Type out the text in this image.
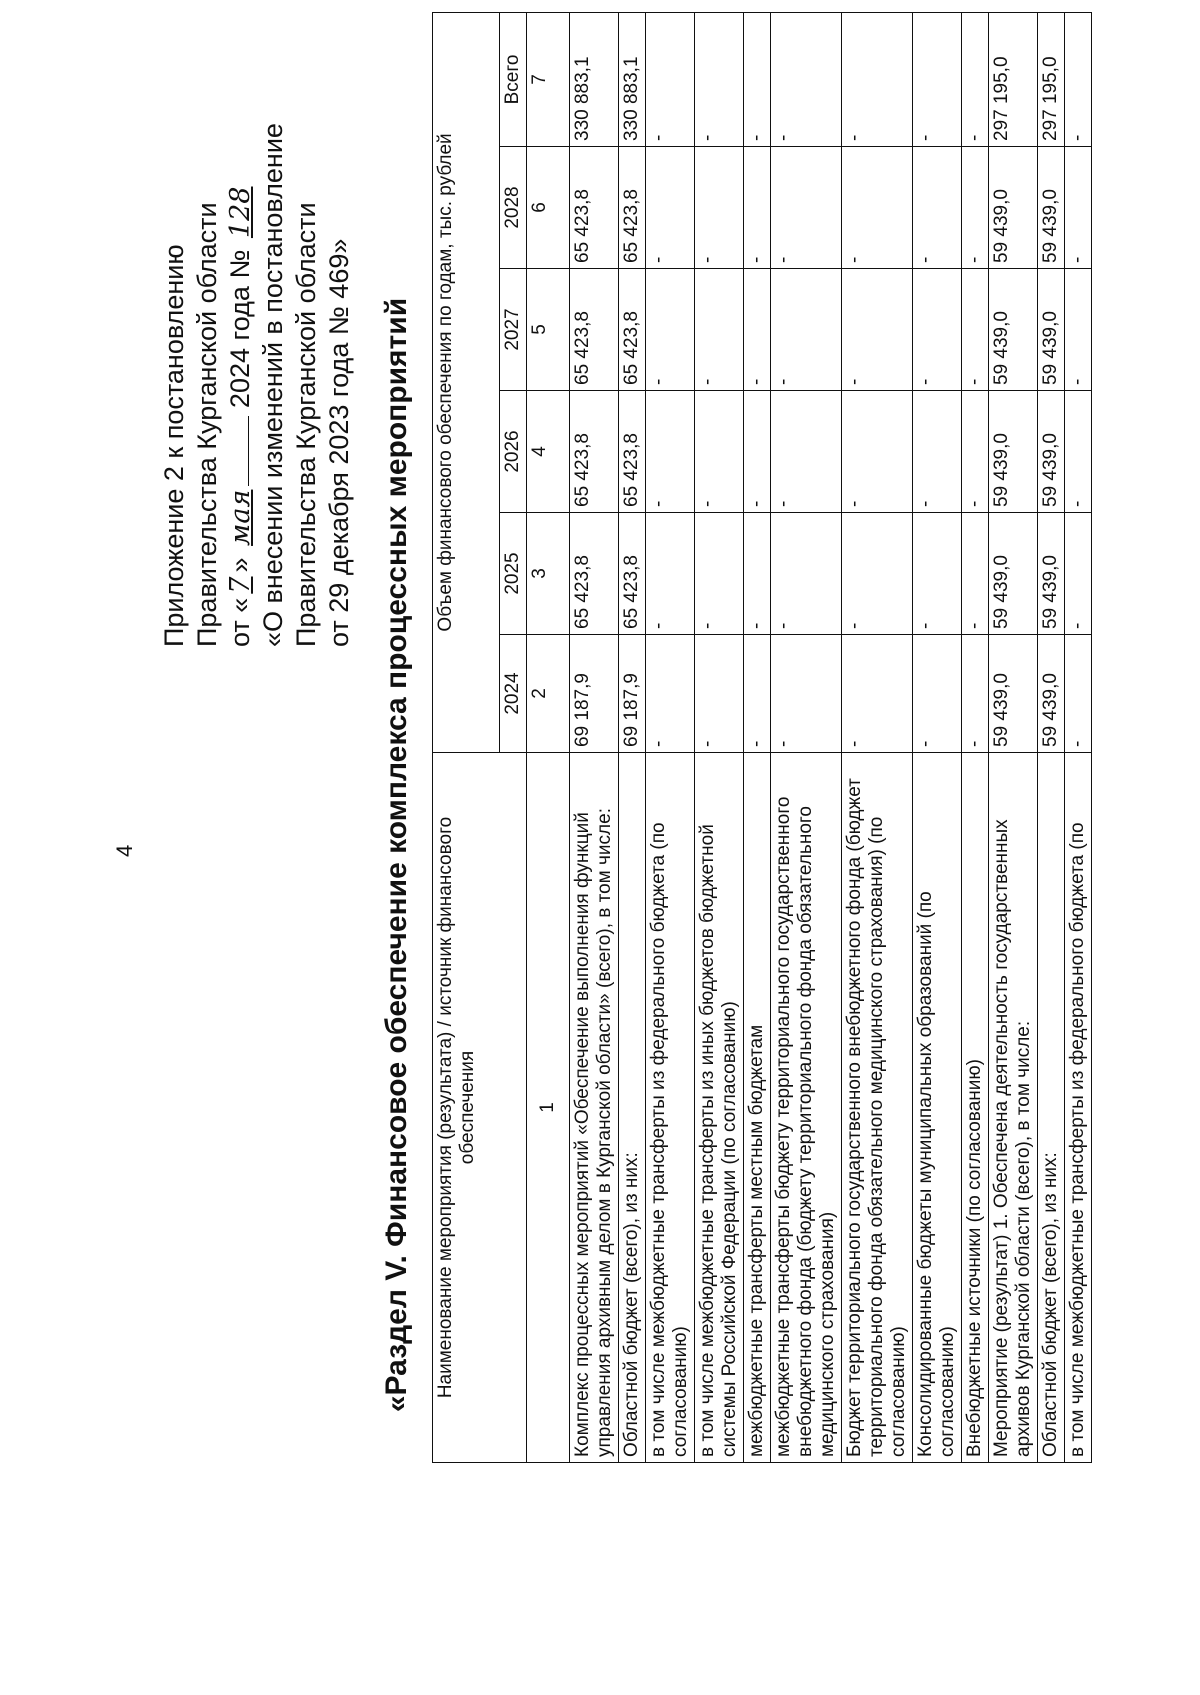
4
Приложение 2 к постановлению Правительства Курганской области от «7» мая 2024 года № 128 «О внесении изменений в постановление Правительства Курганской области от 29 декабря 2023 года № 469» «Раздел V. Финансовое обеспечение комплекса процессных мероприятий Наименование мероприятия (результата) / источник финансового обеспечения	Объем финансового обеспечения по годам, тыс. рублей					
	2024	2025	2026	2027	2028	Всего
1	2	3	4	5	6	7
Комплекс процессных мероприятий «Обеспечение выполнения функций управления архивным делом в Курганской области» (всего), в том числе:	69 187,9	65 423,8	65 423,8	65 423,8	65 423,8	330 883,1
Областной бюджет (всего), из них:	69 187,9	65 423,8	65 423,8	65 423,8	65 423,8	330 883,1
в том числе межбюджетные трансферты из федерального бюджета (по согласованию)	-	-	-	-	-	-
в том числе межбюджетные трансферты из иных бюджетов бюджетной системы Российской Федерации (по согласованию)	-	-	-	-	-	-
межбюджетные трансферты местным бюджетам	-	-	-	-	-	-
межбюджетные трансферты бюджету территориального государственного внебюджетного фонда (бюджету территориального фонда обязательного медицинского страхования)	-	-	-	-	-	-
Бюджет территориального государственного внебюджетного фонда (бюджет территориального фонда обязательного медицинского страхования) (по согласованию)	-	-	-	-	-	-
Консолидированные бюджеты муниципальных образований (по согласованию)	-	-	-	-	-	-
Внебюджетные источники (по согласованию)	-	-	-	-	-	-
Мероприятие (результат) 1. Обеспечена деятельность государственных архивов Курганской области (всего), в том числе:	59 439,0	59 439,0	59 439,0	59 439,0	59 439,0	297 195,0
Областной бюджет (всего), из них:	59 439,0	59 439,0	59 439,0	59 439,0	59 439,0	297 195,0
в том числе межбюджетные трансферты из федерального бюджета (по	-	-	-	-	-	-
